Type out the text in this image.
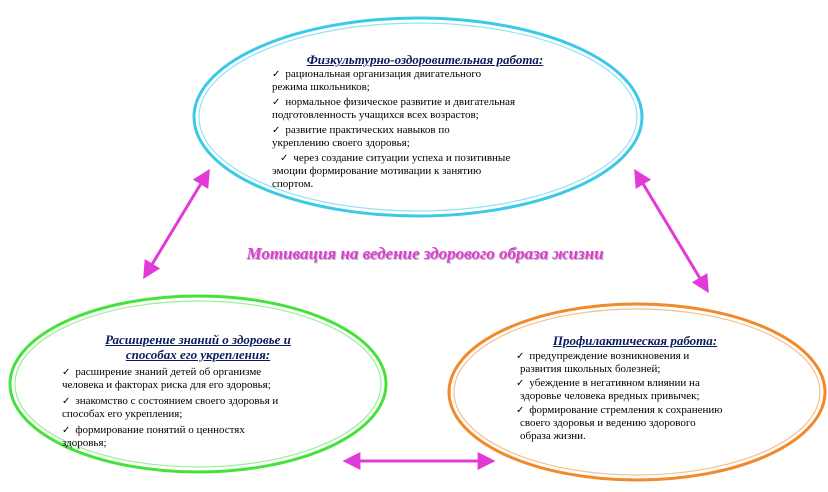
Физкультурно-оздоровительная работа:
✓ рациональная организация двигательного
режима школьников;
✓ нормальное физическое развитие и двигательная
подготовленность учащихся всех возрастов;
✓ развитие практических навыков по
укреплению своего здоровья;
✓ через создание ситуации успеха и позитивные
эмоции формирование мотивации к занятию
спортом.
Мотивация на ведение здорового образа жизни
Расширение знаний о здоровье и
способах его укрепления:
✓ расширение знаний детей об организме
человека и факторах риска для его здоровья;
✓ знакомство с состоянием своего здоровья и
способах его укрепления;
✓ формирование понятий о ценностях
здоровья;
Профилактическая работа:
✓ предупреждение возникновения и
развития школьных болезней;
✓ убеждение в негативном влиянии на
здоровье человека вредных привычек;
✓ формирование стремления к сохранению
своего здоровья и ведению здорового
образа жизни.
